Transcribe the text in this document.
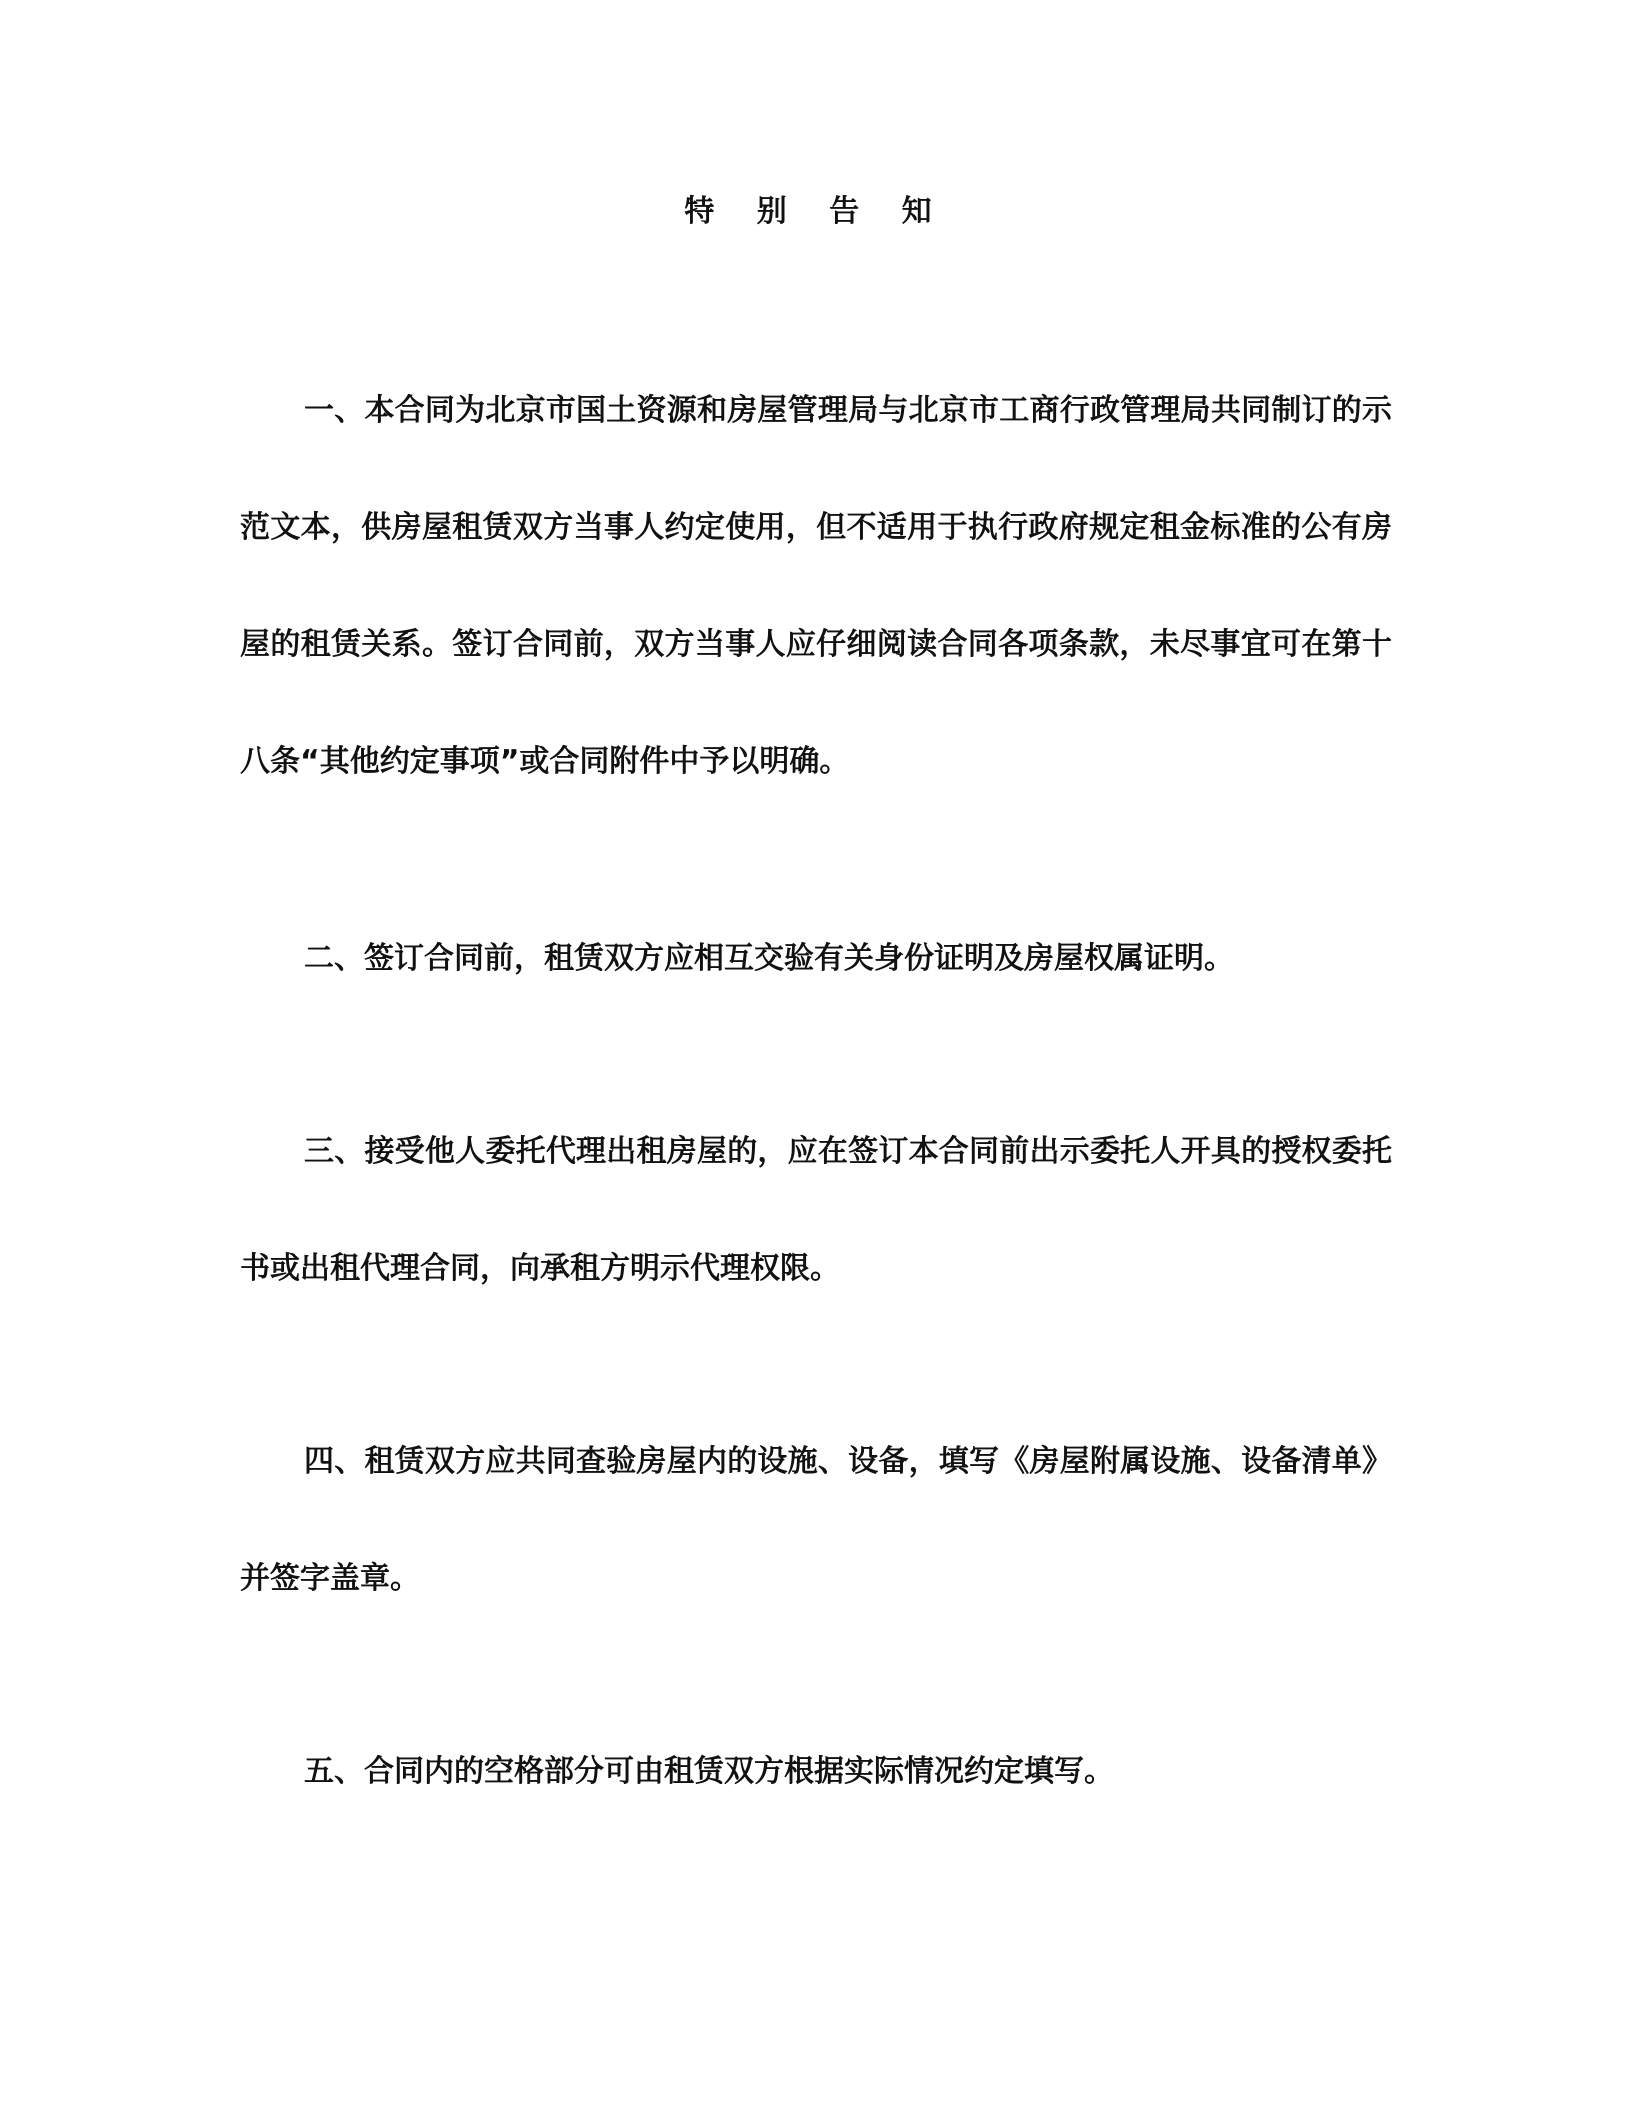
特 别 告 知

一、本合同为北京市国土资源和房屋管理局与北京市工商行政管理局共同制订的示范文本，供房屋租赁双方当事人约定使用，但不适用于执行政府规定租金标准的公有房屋的租赁关系。签订合同前，双方当事人应仔细阅读合同各项条款，未尽事宜可在第十八条“其他约定事项”或合同附件中予以明确。

二、签订合同前，租赁双方应相互交验有关身份证明及房屋权属证明。

三、接受他人委托代理出租房屋的，应在签订本合同前出示委托人开具的授权委托书或出租代理合同，向承租方明示代理权限。

四、租赁双方应共同查验房屋内的设施、设备，填写《房屋附属设施、设备清单》并签字盖章。

五、合同内的空格部分可由租赁双方根据实际情况约定填写。
